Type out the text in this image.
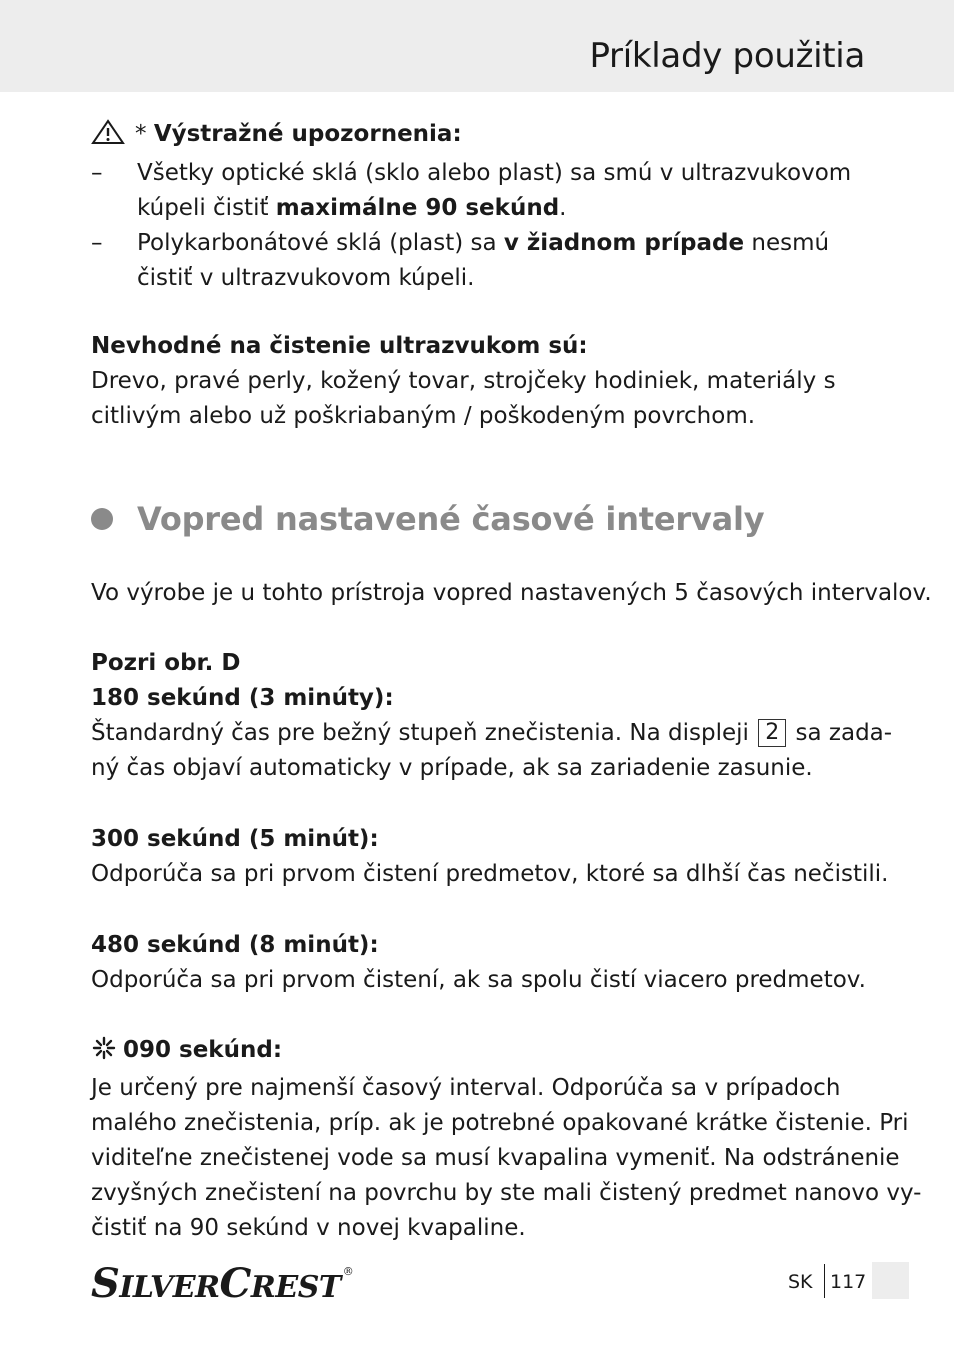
Príklady použitia
* Výstražné upozornenia:
– Všetky optické sklá (sklo alebo plast) sa smú v ultrazvukovom
kúpeli čistiť maximálne 90 sekúnd.
– Polykarbonátové sklá (plast) sa v žiadnom prípade nesmú
čistiť v ultrazvukovom kúpeli.
Nevhodné na čistenie ultrazvukom sú:
Drevo, pravé perly, kožený tovar, strojčeky hodiniek, materiály s
citlivým alebo už poškriabaným / poškodeným povrchom.
Vopred nastavené časové intervaly
Vo výrobe je u tohto prístroja vopred nastavených 5 časových intervalov.
Pozri obr. D
180 sekúnd (3 minúty):
Štandardný čas pre bežný stupeň znečistenia. Na displeji 2 sa zada-
ný čas objaví automaticky v prípade, ak sa zariadenie zasunie.
300 sekúnd (5 minút):
Odporúča sa pri prvom čistení predmetov, ktoré sa dlhší čas nečistili.
480 sekúnd (8 minút):
Odporúča sa pri prvom čistení, ak sa spolu čistí viacero predmetov.
090 sekúnd:
Je určený pre najmenší časový interval. Odporúča sa v prípadoch
malého znečistenia, príp. ak je potrebné opakované krátke čistenie. Pri
viditeľne znečistenej vode sa musí kvapalina vymeniť. Na odstránenie
zvyšných znečistení na povrchu by ste mali čistený predmet nanovo vy-
čistiť na 90 sekúnd v novej kvapaline.
SILVERCREST ®	SK 117
